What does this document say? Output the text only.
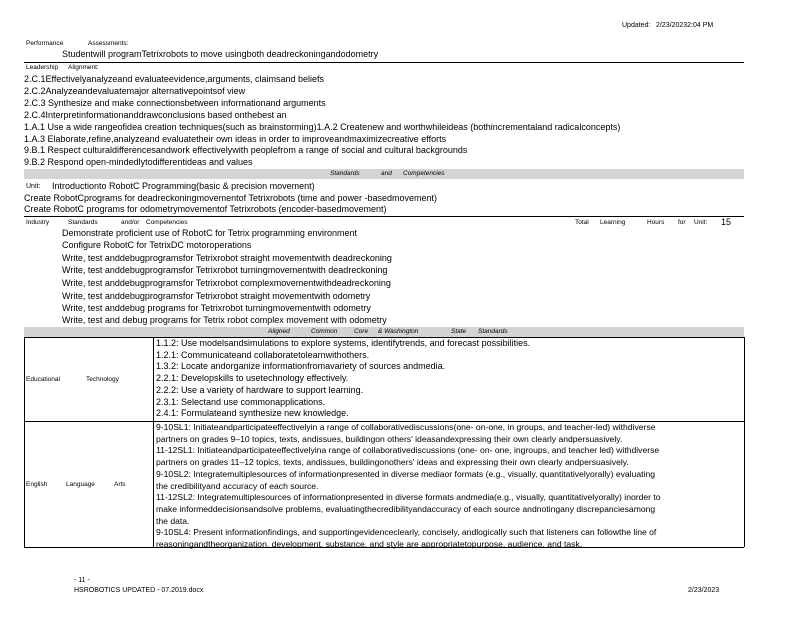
Updated: 2/23/20232:04 PM
Performance	Assessments:
Studentwill programTetrixrobots to move usingboth deadreckoningandodometry
Leadership Alignment:
2.C.1Effectivelyanalyzeand evaluateevidence,arguments, claimsand beliefs
2.C.2Analyzeandevaluatemajor alternativepointsof view
2.C.3 Synthesize and make connectionsbetween informationand arguments
2.C.4Interpretinformationanddrawconclusions based onthebest an
1.A.1 Use a wide rangeofidea creation techniques(such as brainstorming)1.A.2 Createnew and worthwhileideas (bothincrementaland radicalconcepts)
1.A.3 Elaborate,refine,analyzeand evaluatetheir own ideas in order to improveandmaximizecreative efforts
9.B.1 Respect culturaldifferencesandwork effectivelywith peoplefrom a range of social and cultural backgrounds
9.B.2 Respond open-mindedlytodifferentideas and values
Standards	and Competencies
Unit: Introductionto RobotC Programming(basic & precision movement)
Create RobotCprograms for deadreckoningmovementof Tetrixrobots (time and power -basedmovement)
Create RobotC programs for odometrymovementof Tetrixrobots (encoder-basedmovement)
Industry	Standards	and/or Competencies	Total Learning	Hours for Unit: 15
Demonstrate proficient use of RobotC for Tetrix programming environment
Configure RobotC for TetrixDC motoroperations
Write, test anddebugprogramsfor Tetrixrobot straight movementwith deadreckoning
Write, test anddebugprogramsfor Tetrixrobot turningmovementwith deadreckoning
Write, test anddebugprogramsfor Tetrixrobot complexmovementwithdeadreckoning
Write, test anddebugprogramsfor Tetrixrobot straight movementwith odometry
Write, test anddebug programs for Tetrixrobot turningmovementwith odometry
Write, test and debug programs for Tetrix robot complex movement with odometry
Aligned	Common	Core & Washington	State Standards
Educational	Technology

1.1.2: Use modelsandsimulations to explore systems, identifytrends, and forecast possibilities.

1.2.1: Communicateand collaboratetolearnwithothers.

1.3.2: Locate andorganize informationfromavariety of sources andmedia.

2.2.1: Developskills to usetechnology effectively.

2.2.2: Use a variety of hardware to support learning.

2.3.1: Selectand use commonapplications.

2.4.1: Formulateand synthesize new knowledge.

English	Language	Arts

9-10SL1: Initiateandparticipateeffectivelyin a range of collaborativediscussions(one- on-one, in groups, and teacher-led) withdiverse

partners on grades 9–10 topics, texts, andissues, buildingon others' ideasandexpressing their own clearly andpersuasively.

11-12SL1: Initiateandparticipateeffectivelyina range of collaborativediscussions (one- on- one, ingroups, and teacher led) withdiverse

partners on grades 11–12 topics, texts, andissues, buildingonothers' ideas and expressing their own clearly andpersuasively.

9-10SL2: Integratemultiplesources of informationpresented in diverse mediaor formats (e.g., visually, quantitativelyorally) evaluating

the credibilityand accuracy of each source.

11-12SL2: Integratemultiplesources of informationpresented in diverse formats andmedia(e.g., visually, quantitativelyorally) inorder to

make informeddecisionsandsolve problems, evaluatingthecredibilityandaccuracy of each source andnotingany discrepanciesamong

the data.

9-10SL4: Present informationfindings, and supportingevidenceclearly, concisely, andlogically such that listeners can followthe line of

reasoningandtheorganization, development, substance, and style are appropriatetopurpose, audience, and task.

- 11 -
HSROBOTICS UPDATED - 07.2019.docx	2/23/2023
